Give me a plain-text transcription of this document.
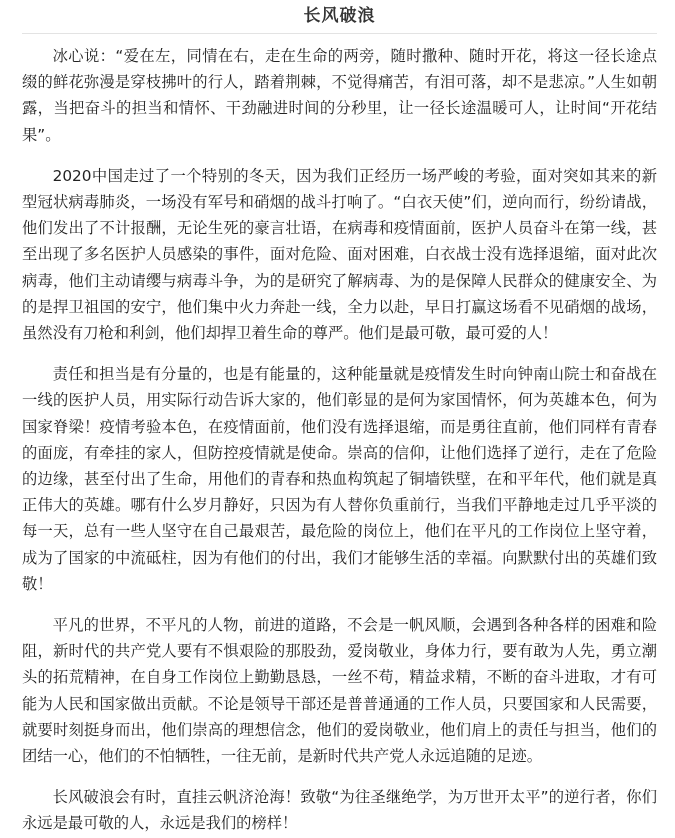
长风破浪

冰心说：“爱在左，同情在右，走在生命的两旁，随时撒种、随时开花，将这一径长途点缀的鲜花弥漫是穿枝拂叶的行人，踏着荆棘，不觉得痛苦，有泪可落，却不是悲凉。”人生如朝露，当把奋斗的担当和情怀、干劲融进时间的分秒里，让一径长途温暖可人，让时间“开花结果”。

2020中国走过了一个特别的冬天，因为我们正经历一场严峻的考验，面对突如其来的新型冠状病毒肺炎，一场没有军号和硝烟的战斗打响了。“白衣天使”们，逆向而行，纷纷请战，他们发出了不计报酬，无论生死的豪言壮语，在病毒和疫情面前，医护人员奋斗在第一线，甚至出现了多名医护人员感染的事件，面对危险、面对困难，白衣战士没有选择退缩，面对此次病毒，他们主动请缨与病毒斗争，为的是研究了解病毒、为的是保障人民群众的健康安全、为的是捍卫祖国的安宁，他们集中火力奔赴一线，全力以赴，早日打赢这场看不见硝烟的战场，虽然没有刀枪和利剑，他们却捍卫着生命的尊严。他们是最可敬，最可爱的人！

责任和担当是有分量的，也是有能量的，这种能量就是疫情发生时向钟南山院士和奋战在一线的医护人员，用实际行动告诉大家的，他们彰显的是何为家国情怀，何为英雄本色，何为国家脊梁！疫情考验本色，在疫情面前，他们没有选择退缩，而是勇往直前，他们同样有青春的面庞，有牵挂的家人，但防控疫情就是使命。崇高的信仰，让他们选择了逆行，走在了危险的边缘，甚至付出了生命，用他们的青春和热血构筑起了铜墙铁壁，在和平年代，他们就是真正伟大的英雄。哪有什么岁月静好，只因为有人替你负重前行，当我们平静地走过几乎平淡的每一天，总有一些人坚守在自己最艰苦，最危险的岗位上，他们在平凡的工作岗位上坚守着，成为了国家的中流砥柱，因为有他们的付出，我们才能够生活的幸福。向默默付出的英雄们致敬！

平凡的世界，不平凡的人物，前进的道路，不会是一帆风顺，会遇到各种各样的困难和险阻，新时代的共产党人要有不惧艰险的那股劲，爱岗敬业，身体力行，要有敢为人先，勇立潮头的拓荒精神，在自身工作岗位上勤勤恳恳，一丝不苟，精益求精，不断的奋斗进取，才有可能为人民和国家做出贡献。不论是领导干部还是普普通通的工作人员，只要国家和人民需要，就要时刻挺身而出，他们崇高的理想信念，他们的爱岗敬业，他们肩上的责任与担当，他们的团结一心，他们的不怕牺牲，一往无前，是新时代共产党人永远追随的足迹。

长风破浪会有时，直挂云帆济沧海！致敬“为往圣继绝学，为万世开太平”的逆行者，你们永远是最可敬的人，永远是我们的榜样！
